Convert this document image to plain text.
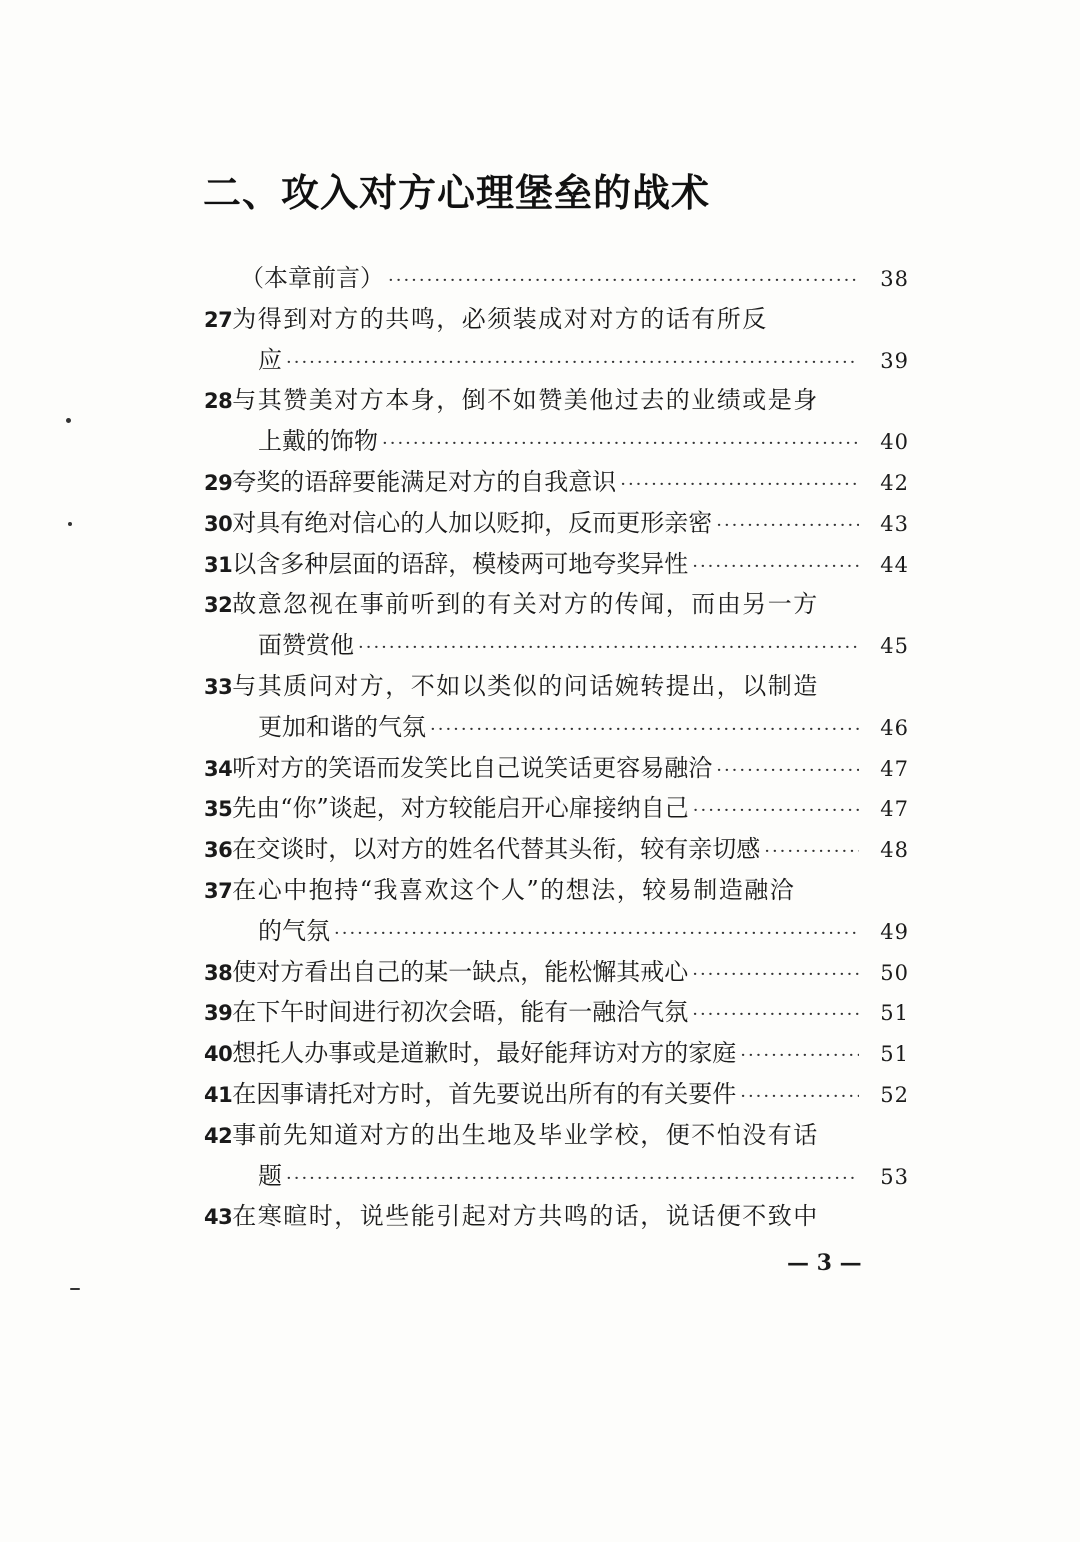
二、攻入对方心理堡垒的战术
（本章前言） ·····	38
27 为得到对方的共鸣，必须装成对对方的话有所反
应 ·····	39
28 与其赞美对方本身，倒不如赞美他过去的业绩或是身
上戴的饰物 ·····	40
29 夸奖的语辞要能满足对方的自我意识 ·····	42
30 对具有绝对信心的人加以贬抑，反而更形亲密 ·····	43
31 以含多种层面的语辞，模棱两可地夸奖异性 ·····	44
32 故意忽视在事前听到的有关对方的传闻，而由另一方
面赞赏他 ·····	45
33 与其质问对方，不如以类似的问话婉转提出，以制造
更加和谐的气氛 ·····	46
34 听对方的笑语而发笑比自己说笑话更容易融洽 ·····	47
35 先由“你”谈起，对方较能启开心扉接纳自己 ·····	47
36 在交谈时，以对方的姓名代替其头衔，较有亲切感 ·····	48
37 在心中抱持“我喜欢这个人”的想法，较易制造融洽
的气氛 ·····	49
38 使对方看出自己的某一缺点，能松懈其戒心 ·····	50
39 在下午时间进行初次会晤，能有一融洽气氛 ·····	51
40 想托人办事或是道歉时，最好能拜访对方的家庭 ·····	51
41 在因事请托对方时，首先要说出所有的有关要件 ·····	52
42 事前先知道对方的出生地及毕业学校，便不怕没有话
题 ·····	53
43 在寒暄时，说些能引起对方共鸣的话，说话便不致中
— 3 —
